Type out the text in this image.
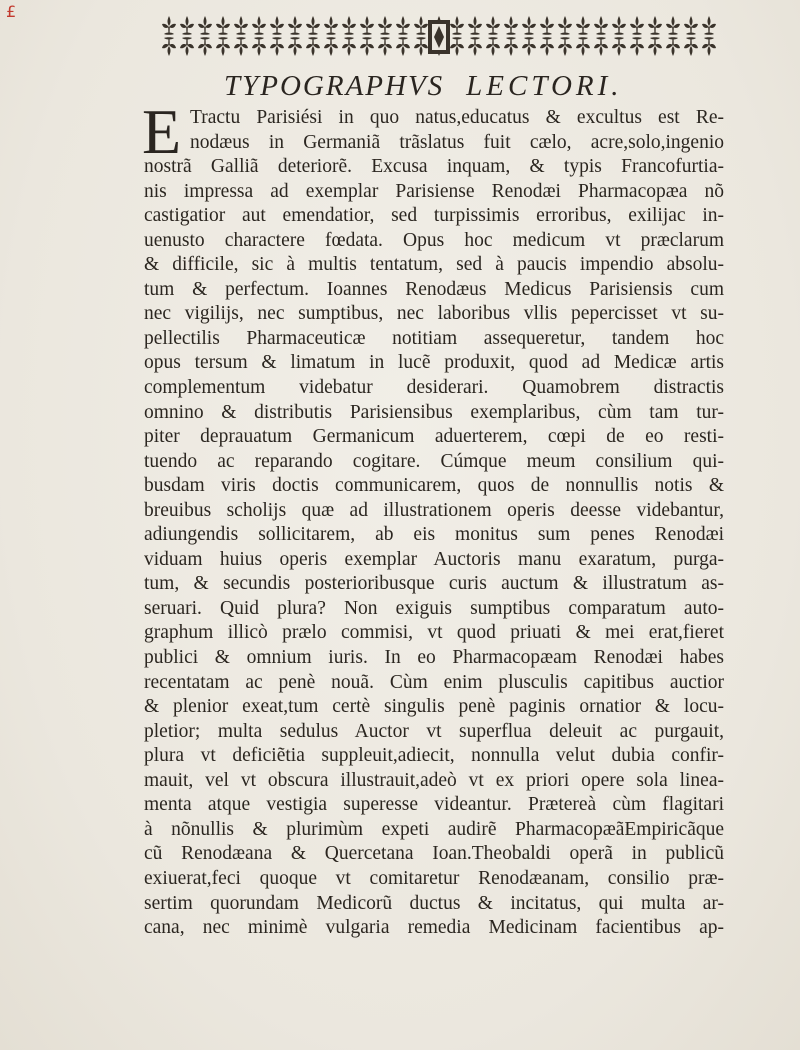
£
TYPOGRAPHVS LECTORI.
E Tractu Parisiési in quo natus,educatus & excultus est Re-
nodæus in Germaniã trãslatus fuit cælo, acre,solo,ingenio
nostrã Galliã deteriorẽ. Excusa inquam, & typis Francofurtia-
nis impressa ad exemplar Parisiense Renodæi Pharmacopæa nõ
castigatior aut emendatior, sed turpissimis erroribus, exilijac in-
uenusto charactere fœdata. Opus hoc medicum vt præclarum
& difficile, sic à multis tentatum, sed à paucis impendio absolu-
tum & perfectum. Ioannes Renodæus Medicus Parisiensis cum
nec vigilijs, nec sumptibus, nec laboribus vllis pepercisset vt su-
pellectilis Pharmaceuticæ notitiam assequeretur, tandem hoc
opus tersum & limatum in lucẽ produxit, quod ad Medicæ artis
complementum videbatur desiderari. Quamobrem distractis
omnino & distributis Parisiensibus exemplaribus, cùm tam tur-
piter deprauatum Germanicum aduerterem, cœpi de eo resti-
tuendo ac reparando cogitare. Cúmque meum consilium qui-
busdam viris doctis communicarem, quos de nonnullis notis &
breuibus scholijs quæ ad illustrationem operis deesse videbantur,
adiungendis sollicitarem, ab eis monitus sum penes Renodæi
viduam huius operis exemplar Auctoris manu exaratum, purga-
tum, & secundis posterioribusque curis auctum & illustratum as-
seruari. Quid plura? Non exiguis sumptibus comparatum auto-
graphum illicò prælo commisi, vt quod priuati & mei erat,fieret
publici & omnium iuris. In eo Pharmacopæam Renodæi habes
recentatam ac penè nouã. Cùm enim plusculis capitibus auctior
& plenior exeat,tum certè singulis penè paginis ornatior & locu-
pletior; multa sedulus Auctor vt superflua deleuit ac purgauit,
plura vt deficiẽtia suppleuit,adiecit, nonnulla velut dubia confir-
mauit, vel vt obscura illustrauit,adeò vt ex priori opere sola linea-
menta atque vestigia superesse videantur. Prætereà cùm flagitari
à nõnullis & plurimùm expeti audirẽ PharmacopæãEmpiricãque
cũ Renodæana & Quercetana Ioan.Theobaldi operã in publicũ
exiuerat,feci quoque vt comitaretur Renodæanam, consilio præ-
sertim quorundam Medicorũ ductus & incitatus, qui multa ar-
cana, nec minimè vulgaria remedia Medicinam facientibus ap-
